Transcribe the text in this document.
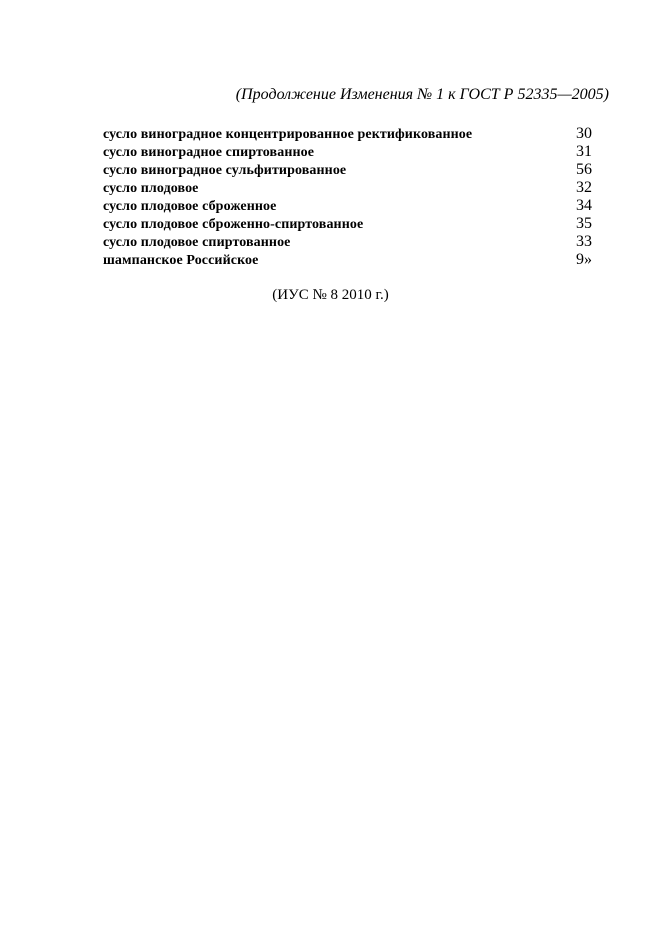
(Продолжение Изменения № 1 к ГОСТ Р 52335—2005)
сусло виноградное концентрированное ректификованное	30
сусло виноградное спиртованное	31
сусло виноградное сульфитированное	56
сусло плодовое	32
сусло плодовое сброженное	34
сусло плодовое сброженно-спиртованное	35
сусло плодовое спиртованное	33
шампанское Российское	9»
(ИУС № 8 2010 г.)
